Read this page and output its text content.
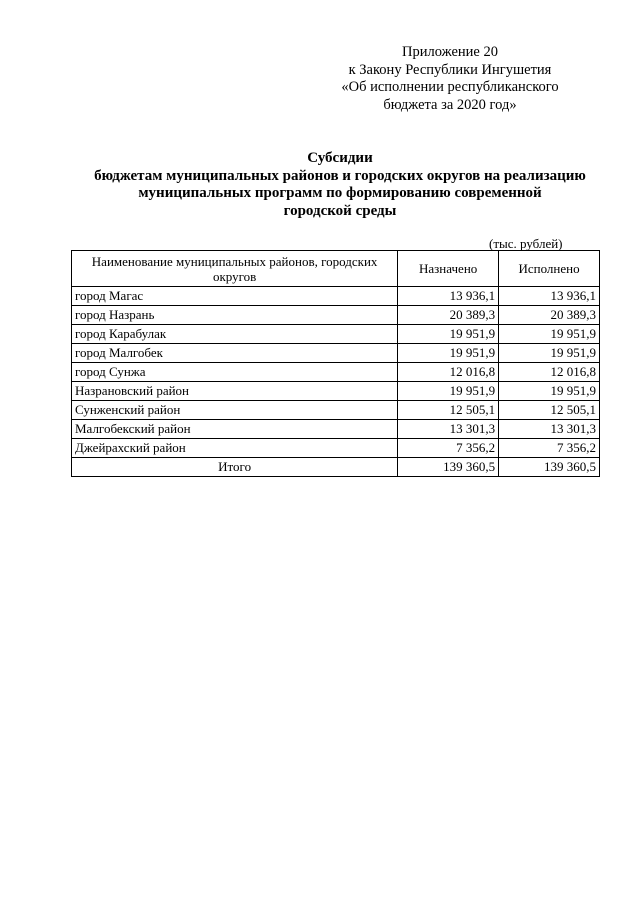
Приложение 20
к Закону Республики Ингушетия
«Об исполнении республиканского
бюджета за 2020 год»
Субсидии
бюджетам муниципальных районов и городских округов на реализацию
муниципальных программ по формированию современной
городской среды
(тыс. рублей)
Наименование муниципальных районов, городских округов	Назначено	Исполнено
город Магас	13 936,1	13 936,1
город Назрань	20 389,3	20 389,3
город Карабулак	19 951,9	19 951,9
город Малгобек	19 951,9	19 951,9
город Сунжа	12 016,8	12 016,8
Назрановский район	19 951,9	19 951,9
Сунженский район	12 505,1	12 505,1
Малгобекский район	13 301,3	13 301,3
Джейрахский район	7 356,2	7 356,2
Итого	139 360,5	139 360,5
